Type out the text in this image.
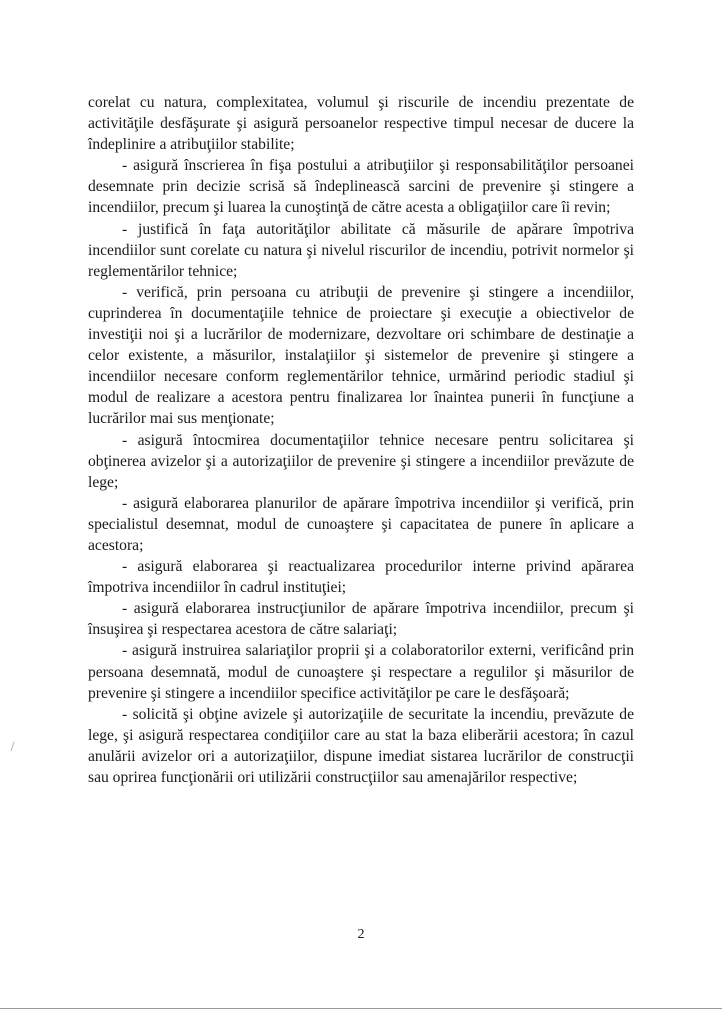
corelat cu natura, complexitatea, volumul şi riscurile de incendiu prezentate de activităţile desfăşurate şi asigură persoanelor respective timpul necesar de ducere la îndeplinire a atribuţiilor stabilite;

- asigură înscrierea în fişa postului a atribuţiilor şi responsabilităţilor persoanei desemnate prin decizie scrisă să îndeplinească sarcini de prevenire şi stingere a incendiilor, precum şi luarea la cunoştinţă de către acesta a obligaţiilor care îi revin;

- justifică în faţa autorităţilor abilitate că măsurile de apărare împotriva incendiilor sunt corelate cu natura şi nivelul riscurilor de incendiu, potrivit normelor şi reglementărilor tehnice;

- verifică, prin persoana cu atribuţii de prevenire şi stingere a incendiilor, cuprinderea în documentaţiile tehnice de proiectare şi execuţie a obiectivelor de investiţii noi şi a lucrărilor de modernizare, dezvoltare ori schimbare de destinaţie a celor existente, a măsurilor, instalaţiilor şi sistemelor de prevenire şi stingere a incendiilor necesare conform reglementărilor tehnice, urmărind periodic stadiul şi modul de realizare a acestora pentru finalizarea lor înaintea punerii în funcţiune a lucrărilor mai sus menţionate;

- asigură întocmirea documentaţiilor tehnice necesare pentru solicitarea şi obţinerea avizelor şi a autorizaţiilor de prevenire şi stingere a incendiilor prevăzute de lege;

- asigură elaborarea planurilor de apărare împotriva incendiilor şi verifică, prin specialistul desemnat, modul de cunoaştere şi capacitatea de punere în aplicare a acestora;

- asigură elaborarea şi reactualizarea procedurilor interne privind apărarea împotriva incendiilor în cadrul instituţiei;

- asigură elaborarea instrucţiunilor de apărare împotriva incendiilor, precum şi însuşirea şi respectarea acestora de către salariaţi;

- asigură instruirea salariaţilor proprii şi a colaboratorilor externi, verificând prin persoana desemnată, modul de cunoaştere şi respectare a regulilor şi măsurilor de prevenire şi stingere a incendiilor specifice activităţilor pe care le desfăşoară;

- solicită şi obţine avizele şi autorizaţiile de securitate la incendiu, prevăzute de lege, şi asigură respectarea condiţiilor care au stat la baza eliberării acestora; în cazul anulării avizelor ori a autorizaţiilor, dispune imediat sistarea lucrărilor de construcţii sau oprirea funcţionării ori utilizării construcţiilor sau amenajărilor respective;

2
